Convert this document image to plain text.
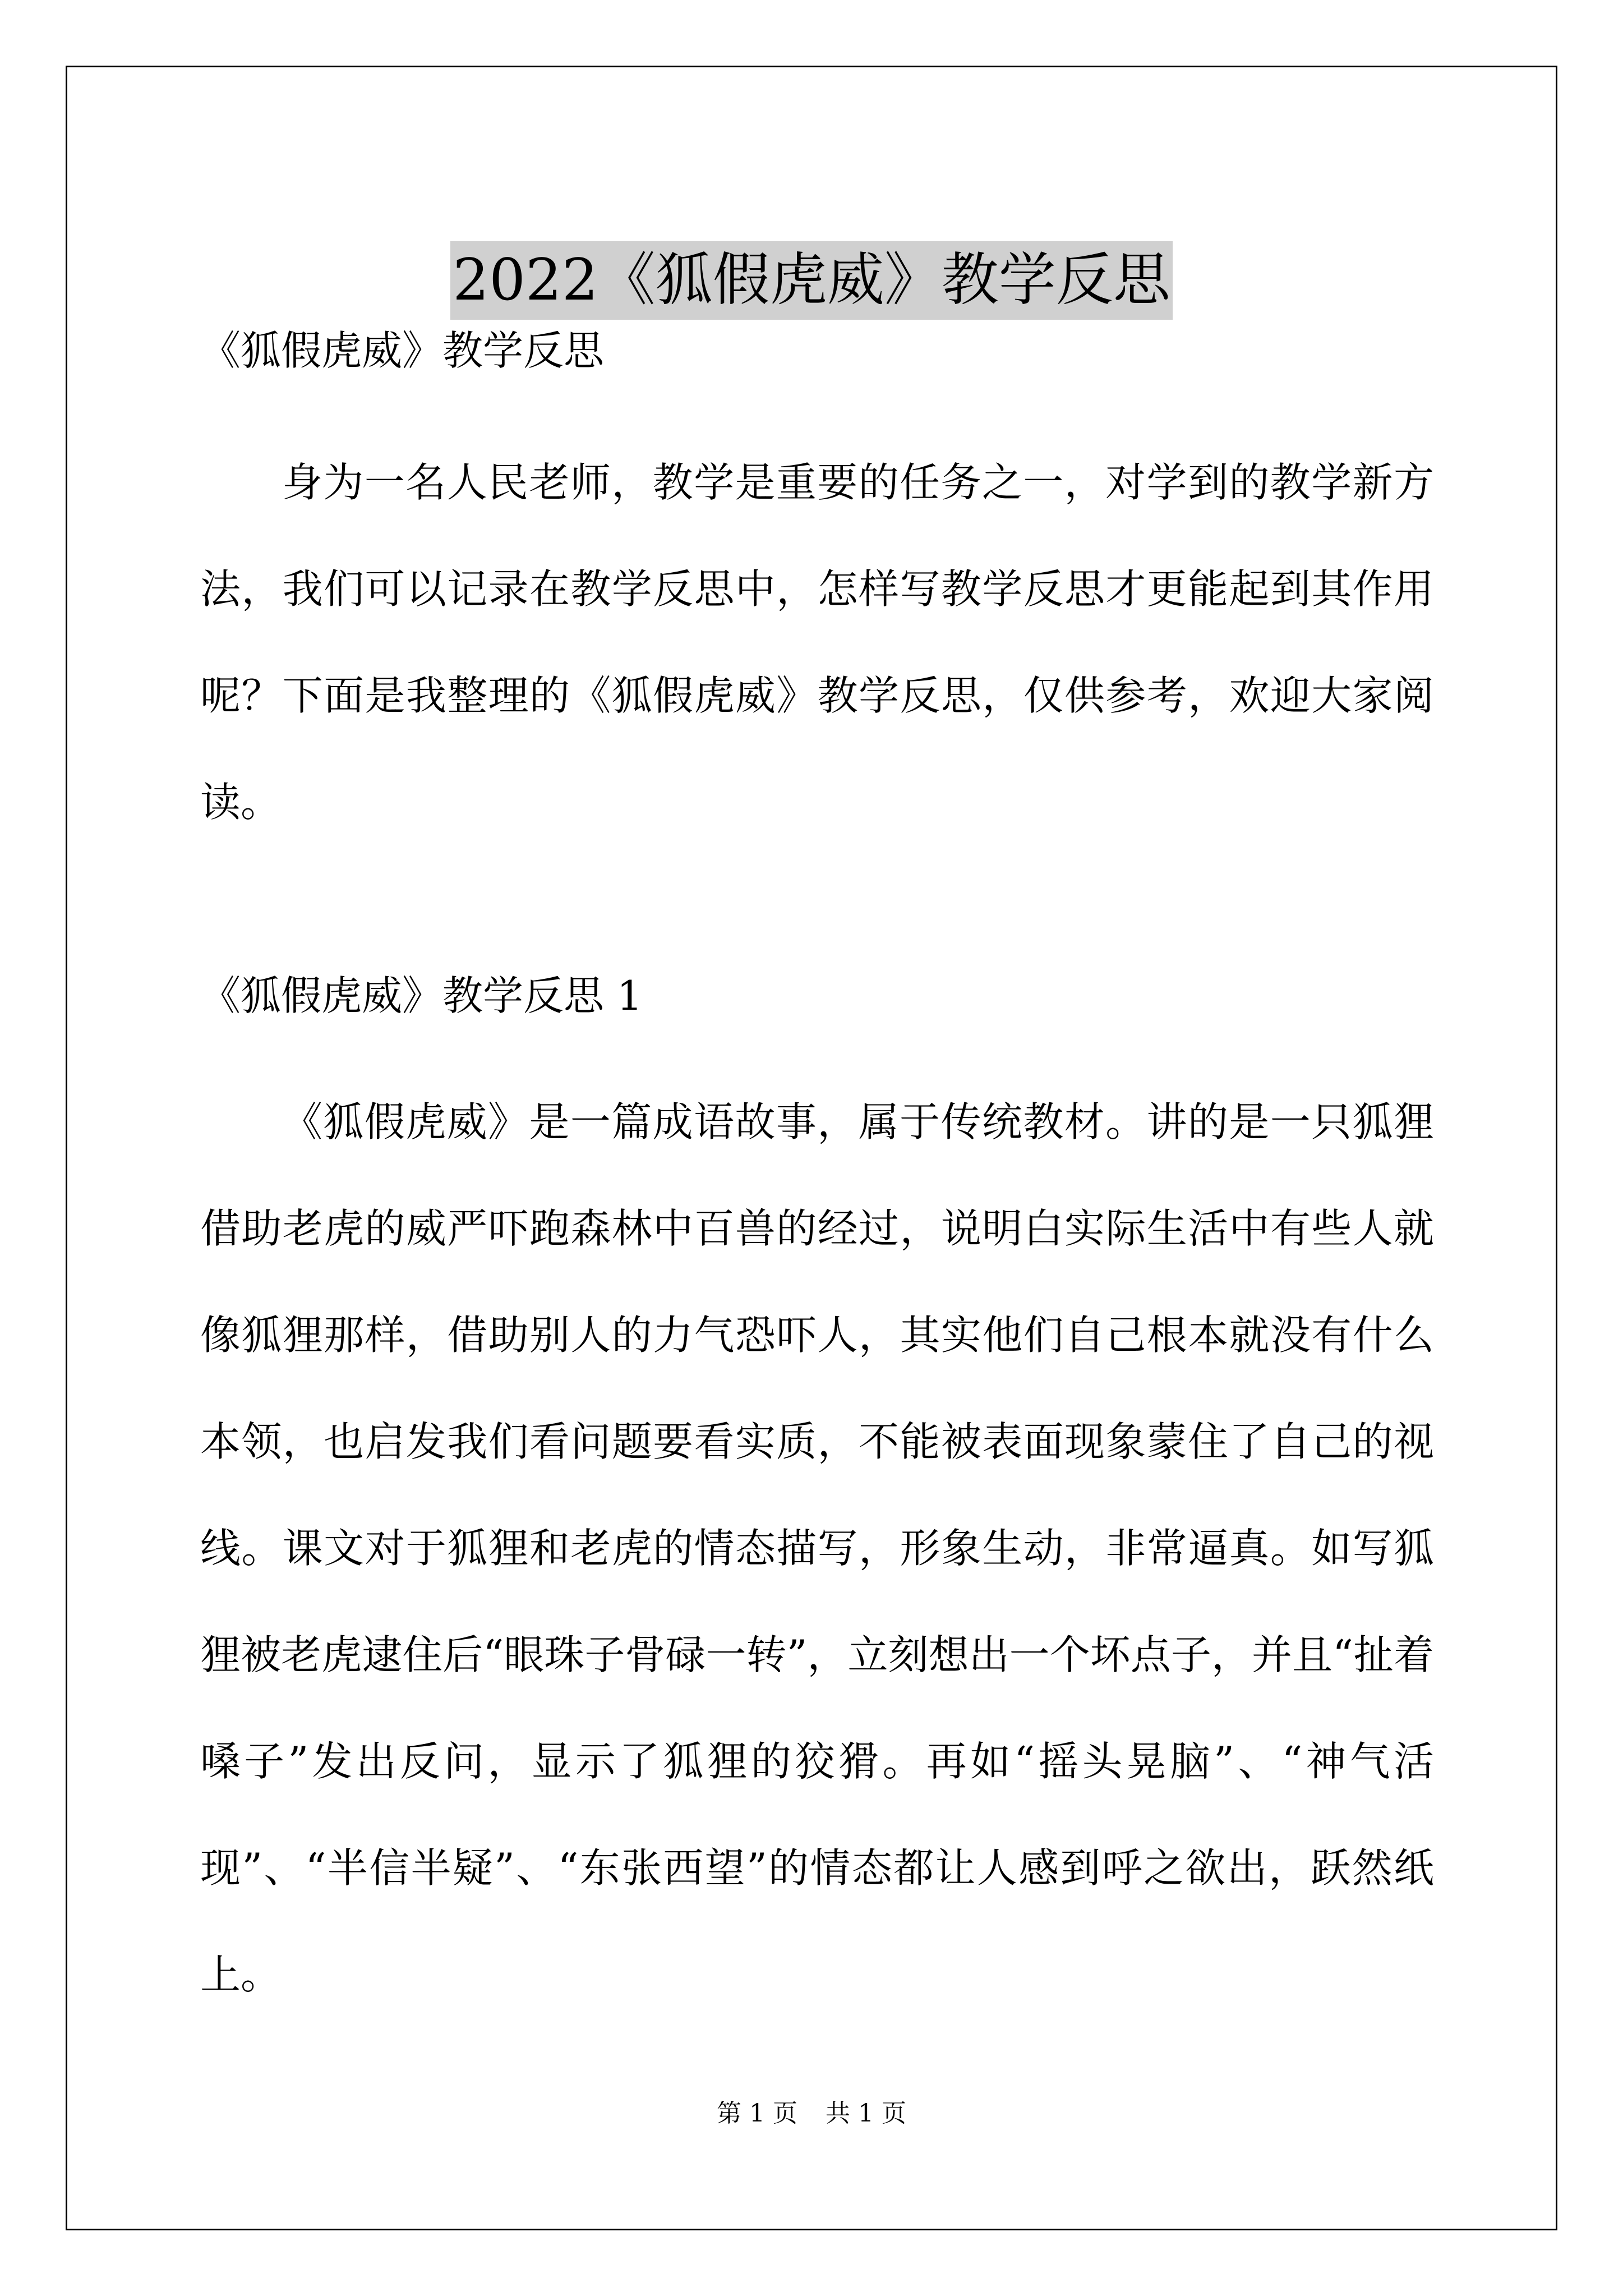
2022《狐假虎威》教学反思

《狐假虎威》教学反思

身为一名人民老师，教学是重要的任务之一，对学到的教学新方法，我们可以记录在教学反思中，怎样写教学反思才更能起到其作用呢？下面是我整理的《狐假虎威》教学反思，仅供参考，欢迎大家阅读。

《狐假虎威》教学反思 1

《狐假虎威》是一篇成语故事，属于传统教材。讲的是一只狐狸借助老虎的威严吓跑森林中百兽的经过，说明白实际生活中有些人就像狐狸那样，借助别人的力气恐吓人，其实他们自己根本就没有什么本领，也启发我们看问题要看实质，不能被表面现象蒙住了自己的视线。课文对于狐狸和老虎的情态描写，形象生动，非常逼真。如写狐狸被老虎逮住后“眼珠子骨碌一转”，立刻想出一个坏点子，并且“扯着嗓子”发出反问，显示了狐狸的狡猾。再如“摇头晃脑”、“神气活现”、“半信半疑”、“东张西望”的情态都让人感到呼之欲出，跃然纸上。

第 1 页 共 1 页
